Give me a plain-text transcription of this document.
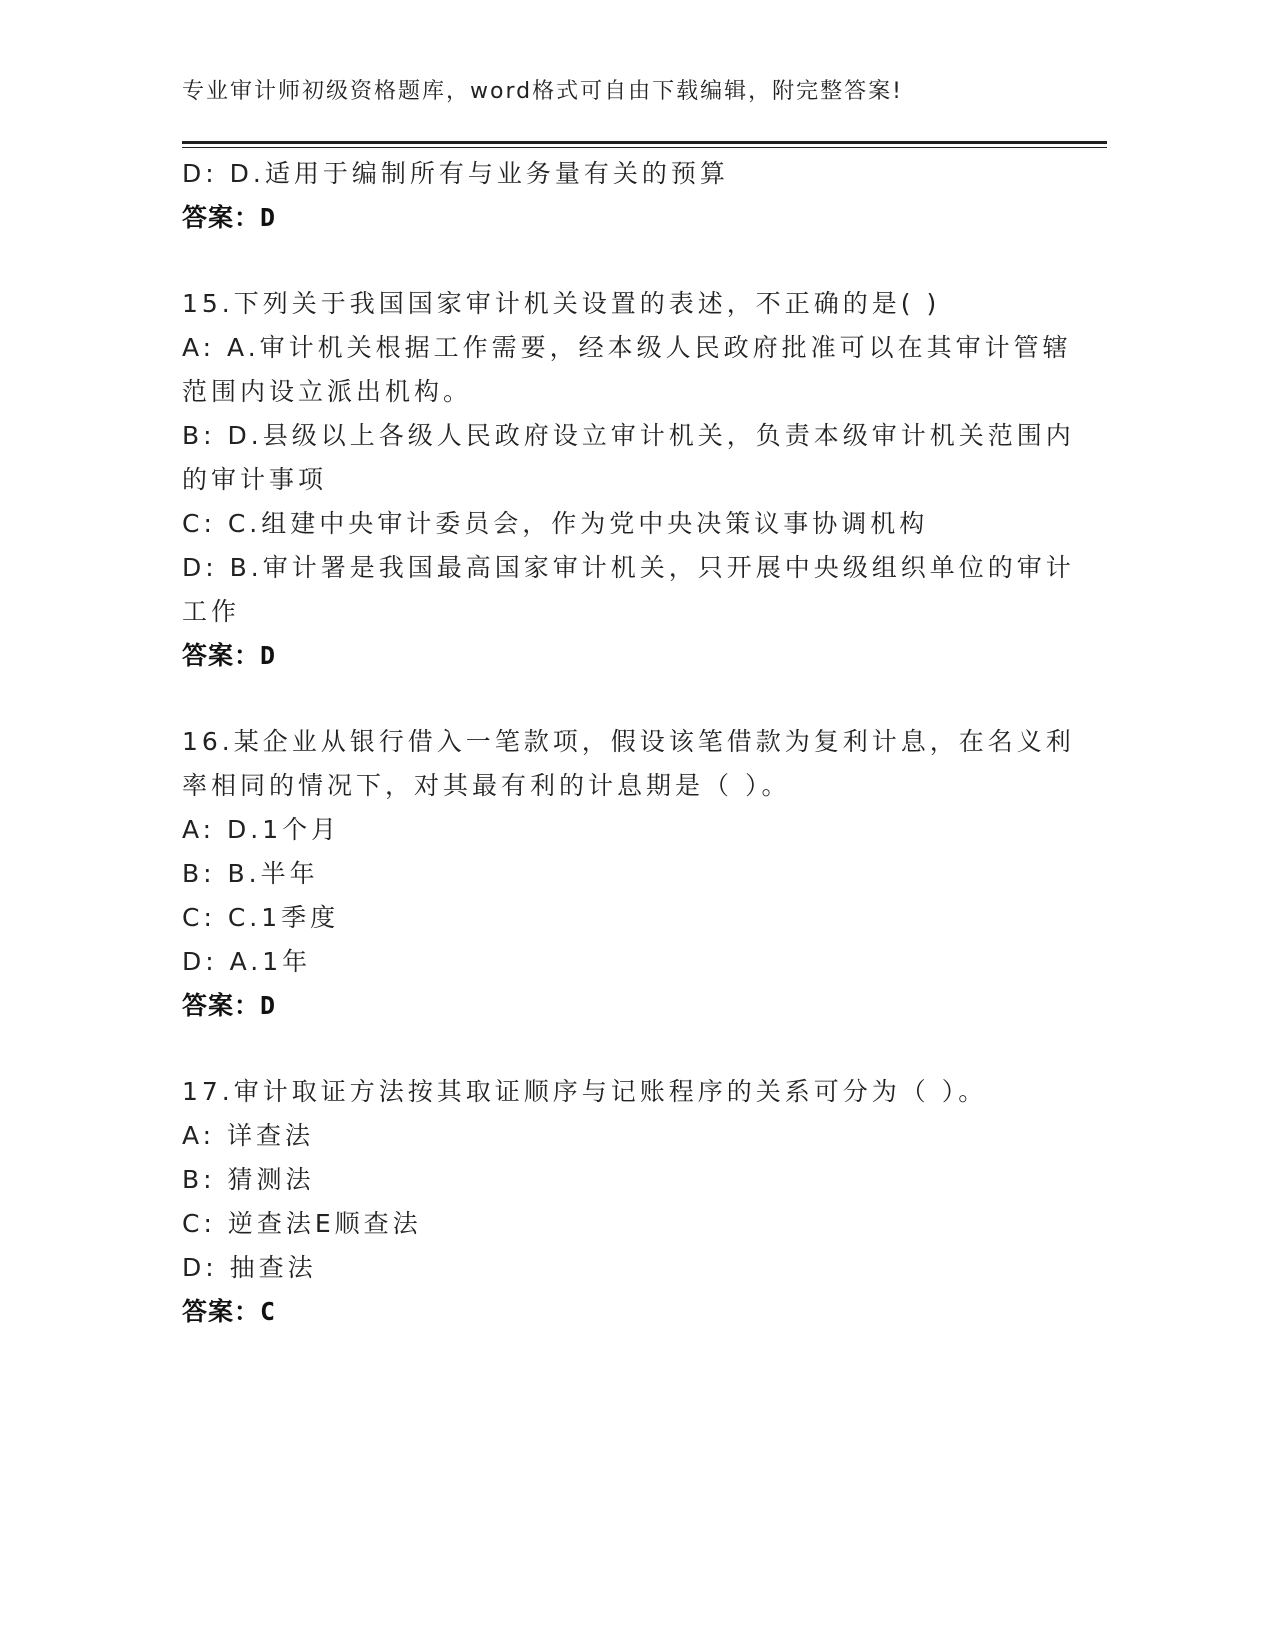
专业审计师初级资格题库，word格式可自由下载编辑，附完整答案!
D: D.适用于编制所有与业务量有关的预算
答案：D
15.下列关于我国国家审计机关设置的表述，不正确的是( )
A: A.审计机关根据工作需要，经本级人民政府批准可以在其审计管辖
范围内设立派出机构。
B: D.县级以上各级人民政府设立审计机关，负责本级审计机关范围内
的审计事项
C: C.组建中央审计委员会，作为党中央决策议事协调机构
D: B.审计署是我国最高国家审计机关，只开展中央级组织单位的审计
工作
答案：D
16.某企业从银行借入一笔款项，假设该笔借款为复利计息，在名义利
率相同的情况下，对其最有利的计息期是（ ）。
A: D.1个月
B: B.半年
C: C.1季度
D: A.1年
答案：D
17.审计取证方法按其取证顺序与记账程序的关系可分为（ ）。
A: 详查法
B: 猜测法
C: 逆查法E顺查法
D: 抽查法
答案：C
